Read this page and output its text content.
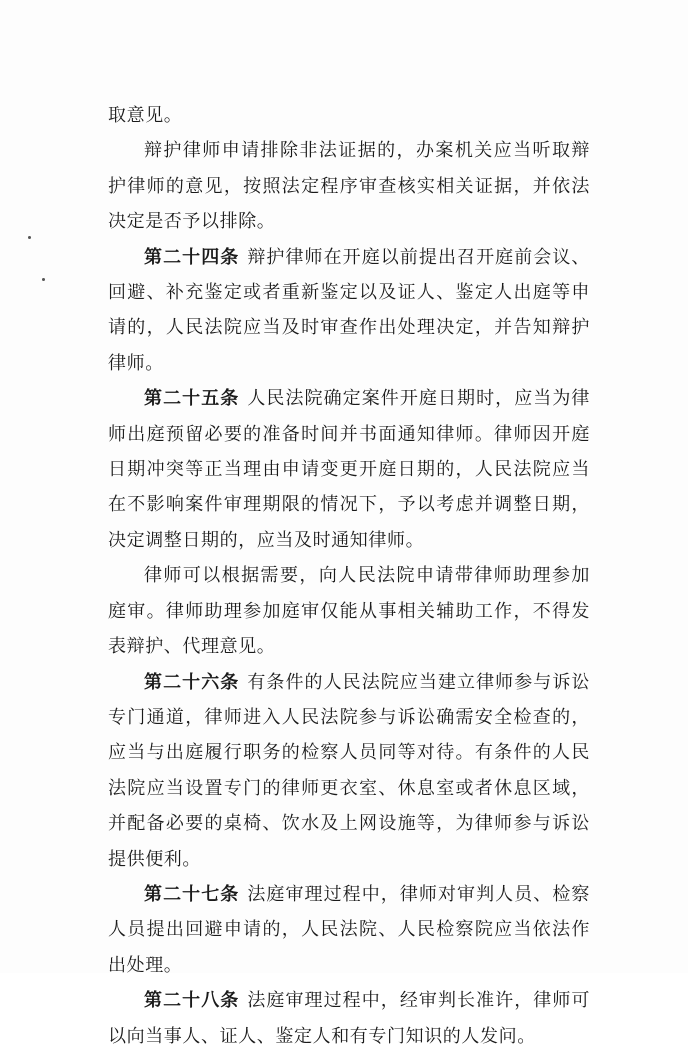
取意见。

辩护律师申请排除非法证据的，办案机关应当听取辩护律师的意见，按照法定程序审查核实相关证据，并依法决定是否予以排除。

第二十四条 辩护律师在开庭以前提出召开庭前会议、回避、补充鉴定或者重新鉴定以及证人、鉴定人出庭等申请的，人民法院应当及时审查作出处理决定，并告知辩护律师。

第二十五条 人民法院确定案件开庭日期时，应当为律师出庭预留必要的准备时间并书面通知律师。律师因开庭日期冲突等正当理由申请变更开庭日期的，人民法院应当在不影响案件审理期限的情况下，予以考虑并调整日期，决定调整日期的，应当及时通知律师。

律师可以根据需要，向人民法院申请带律师助理参加庭审。律师助理参加庭审仅能从事相关辅助工作，不得发表辩护、代理意见。

第二十六条 有条件的人民法院应当建立律师参与诉讼专门通道，律师进入人民法院参与诉讼确需安全检查的，应当与出庭履行职务的检察人员同等对待。有条件的人民法院应当设置专门的律师更衣室、休息室或者休息区域，并配备必要的桌椅、饮水及上网设施等，为律师参与诉讼提供便利。

第二十七条 法庭审理过程中，律师对审判人员、检察人员提出回避申请的，人民法院、人民检察院应当依法作出处理。

第二十八条 法庭审理过程中，经审判长准许，律师可以向当事人、证人、鉴定人和有专门知识的人发问。
